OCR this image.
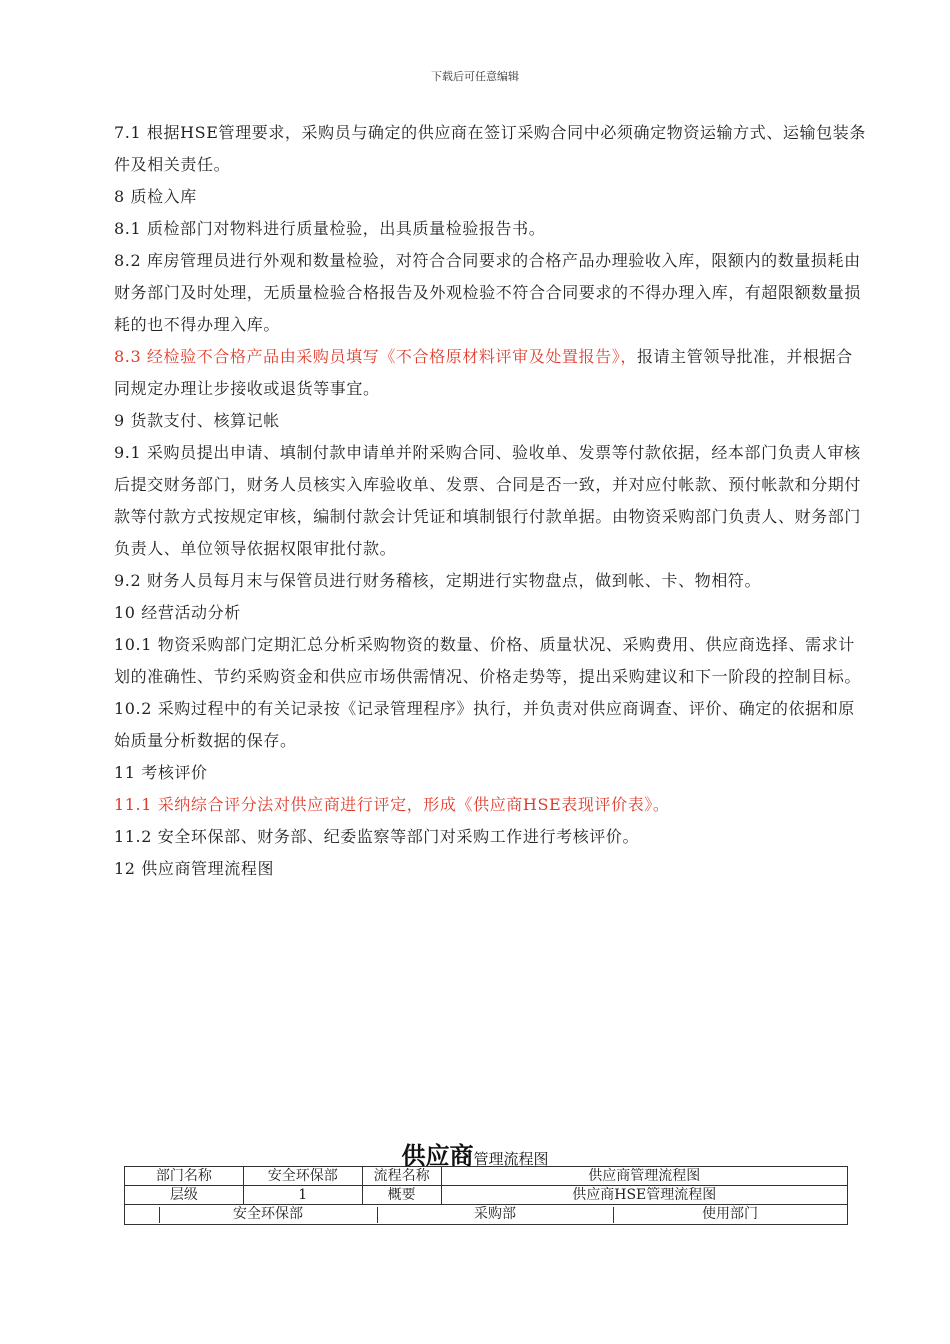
下载后可任意编辑

7.1 根据HSE管理要求，采购员与确定的供应商在签订采购合同中必须确定物资运输方式、运输包装条件及相关责任。

8 质检入库

8.1 质检部门对物料进行质量检验，出具质量检验报告书。

8.2 库房管理员进行外观和数量检验，对符合合同要求的合格产品办理验收入库，限额内的数量损耗由财务部门及时处理，无质量检验合格报告及外观检验不符合合同要求的不得办理入库，有超限额数量损耗的也不得办理入库。

8.3 经检验不合格产品由采购员填写《不合格原材料评审及处置报告》，报请主管领导批准，并根据合同规定办理让步接收或退货等事宜。

9 货款支付、核算记帐

9.1 采购员提出申请、填制付款申请单并附采购合同、验收单、发票等付款依据，经本部门负责人审核后提交财务部门，财务人员核实入库验收单、发票、合同是否一致，并对应付帐款、预付帐款和分期付款等付款方式按规定审核，编制付款会计凭证和填制银行付款单据。由物资采购部门负责人、财务部门负责人、单位领导依据权限审批付款。

9.2 财务人员每月末与保管员进行财务稽核，定期进行实物盘点，做到帐、卡、物相符。

10 经营活动分析

10.1 物资采购部门定期汇总分析采购物资的数量、价格、质量状况、采购费用、供应商选择、需求计划的准确性、节约采购资金和供应市场供需情况、价格走势等，提出采购建议和下一阶段的控制目标。

10.2 采购过程中的有关记录按《记录管理程序》执行，并负责对供应商调查、评价、确定的依据和原始质量分析数据的保存。

11 考核评价

11.1 采纳综合评分法对供应商进行评定，形成《供应商HSE表现评价表》。

11.2 安全环保部、财务部、纪委监察等部门对采购工作进行考核评价。

12 供应商管理流程图

供应商管理流程图
部门名称	安全环保部	流程名称	供应商管理流程图
层级	1	概要	供应商HSE管理流程图
安全环保部	采购部	使用部门
